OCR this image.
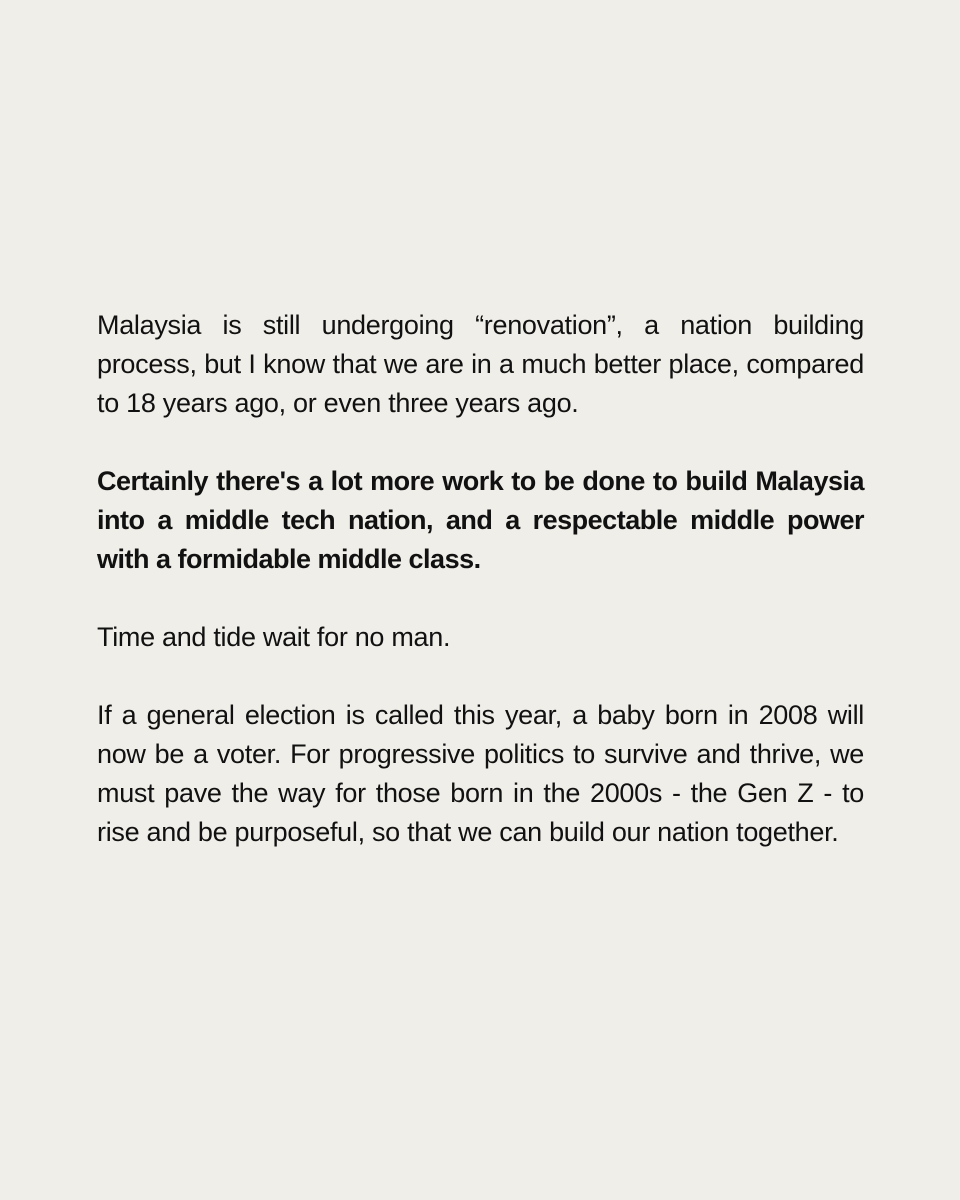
Malaysia is still undergoing “renovation”, a nation building process, but I know that we are in a much better place, compared to 18 years ago, or even three years ago.

Certainly there's a lot more work to be done to build Malaysia into a middle tech nation, and a respectable middle power with a formidable middle class.

Time and tide wait for no man.

If a general election is called this year, a baby born in 2008 will now be a voter. For progressive politics to survive and thrive, we must pave the way for those born in the 2000s - the Gen Z - to rise and be purposeful, so that we can build our nation together.
